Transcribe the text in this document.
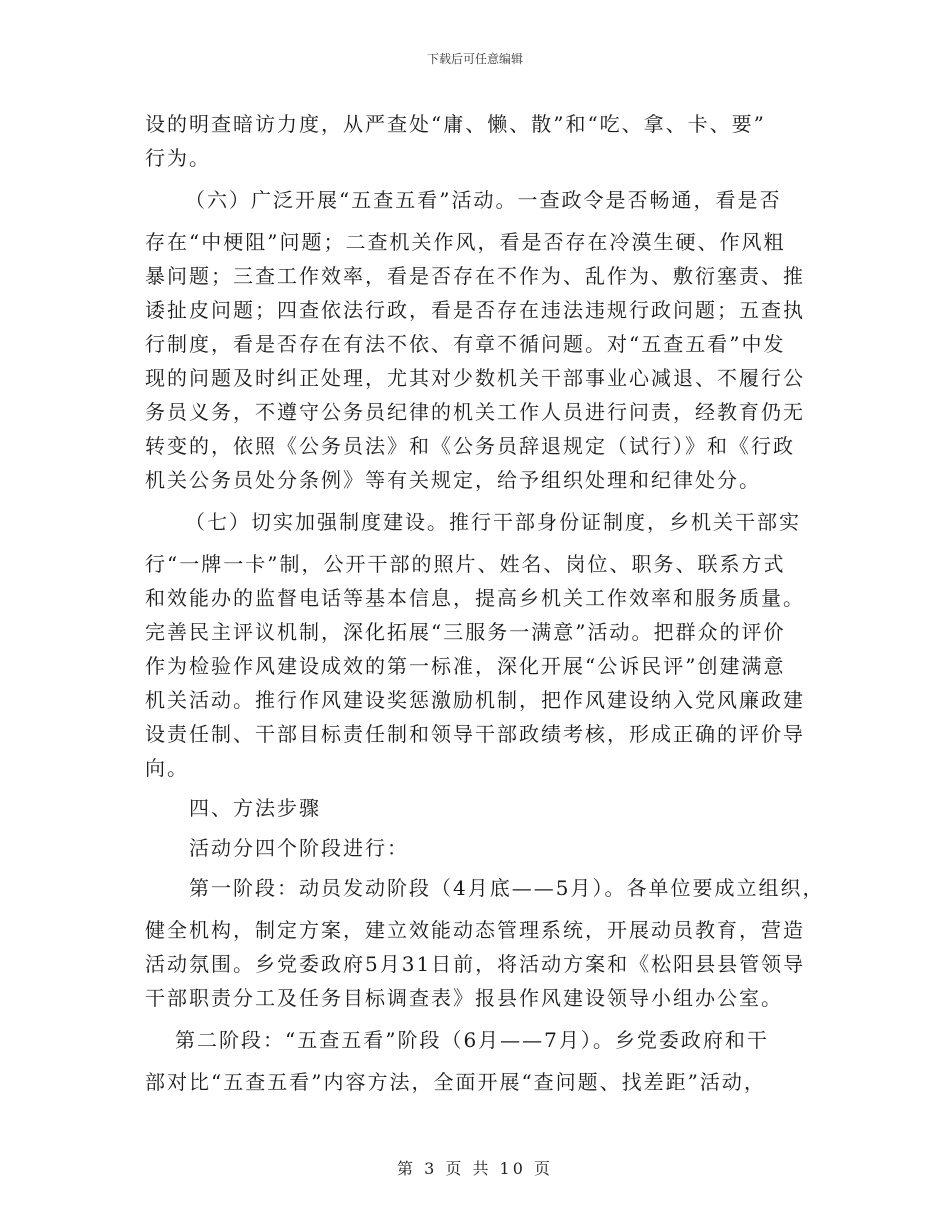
下载后可任意编辑
设的明查暗访力度，从严查处“庸、懒、散”和“吃、拿、卡、要”
行为。
（六）广泛开展“五查五看”活动。一查政令是否畅通，看是否
存在“中梗阻”问题；二查机关作风，看是否存在冷漠生硬、作风粗
暴问题；三查工作效率，看是否存在不作为、乱作为、敷衍塞责、推
诿扯皮问题；四查依法行政，看是否存在违法违规行政问题；五查执
行制度，看是否存在有法不依、有章不循问题。对“五查五看”中发
现的问题及时纠正处理，尤其对少数机关干部事业心减退、不履行公
务员义务，不遵守公务员纪律的机关工作人员进行问责，经教育仍无
转变的，依照《公务员法》和《公务员辞退规定（试行）》和《行政
机关公务员处分条例》等有关规定，给予组织处理和纪律处分。
（七）切实加强制度建设。推行干部身份证制度，乡机关干部实
行“一牌一卡”制，公开干部的照片、姓名、岗位、职务、联系方式
和效能办的监督电话等基本信息，提高乡机关工作效率和服务质量。
完善民主评议机制，深化拓展“三服务一满意”活动。把群众的评价
作为检验作风建设成效的第一标准，深化开展“公诉民评”创建满意
机关活动。推行作风建设奖惩激励机制，把作风建设纳入党风廉政建
设责任制、干部目标责任制和领导干部政绩考核，形成正确的评价导
向。
四、方法步骤
活动分四个阶段进行：
第一阶段：动员发动阶段（4月底——5月）。各单位要成立组织，
健全机构，制定方案，建立效能动态管理系统，开展动员教育，营造
活动氛围。乡党委政府5月31日前，将活动方案和《松阳县县管领导
干部职责分工及任务目标调查表》报县作风建设领导小组办公室。
第二阶段：“五查五看”阶段（6月——7月）。乡党委政府和干
部对比“五查五看”内容方法，全面开展“查问题、找差距”活动，
第 3 页 共 10 页
